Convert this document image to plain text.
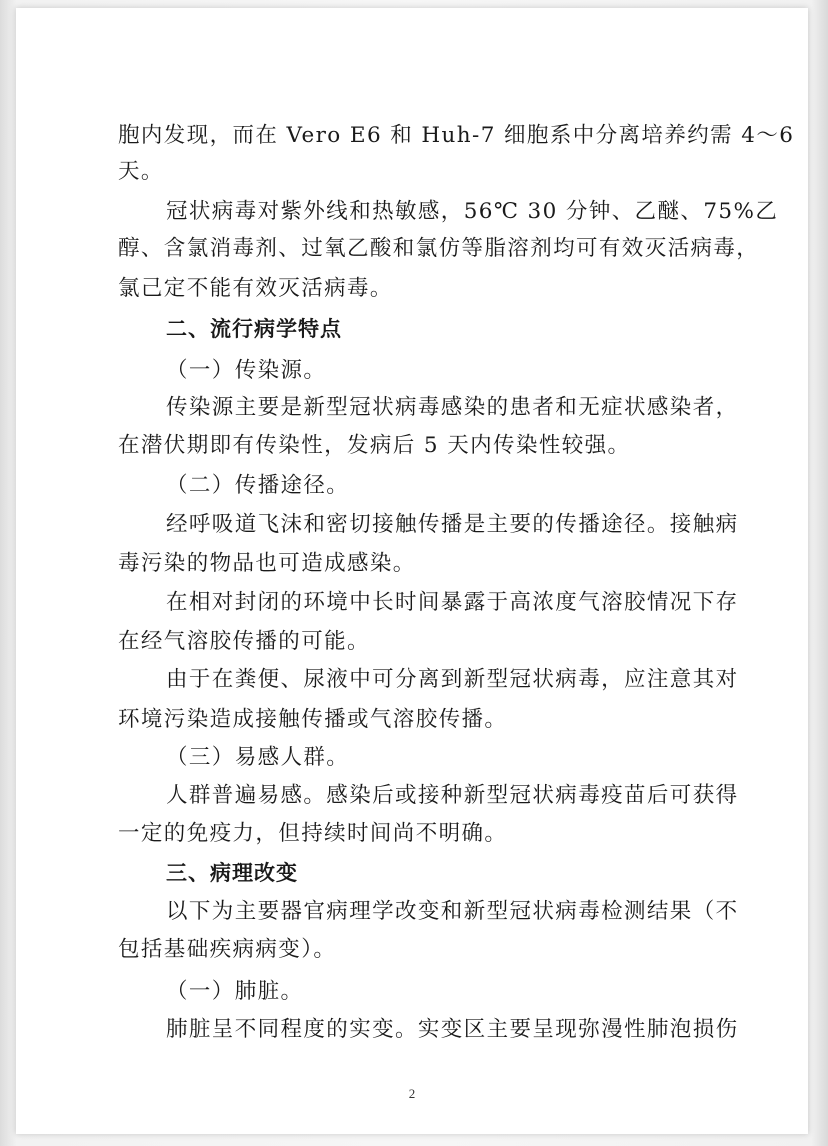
胞内发现，而在 Vero E6 和 Huh-7 细胞系中分离培养约需 4～6
天。
冠状病毒对紫外线和热敏感，56℃ 30 分钟、乙醚、75%乙
醇、含氯消毒剂、过氧乙酸和氯仿等脂溶剂均可有效灭活病毒，
氯己定不能有效灭活病毒。
二、流行病学特点
（一）传染源。
传染源主要是新型冠状病毒感染的患者和无症状感染者，
在潜伏期即有传染性，发病后 5 天内传染性较强。
（二）传播途径。
经呼吸道飞沫和密切接触传播是主要的传播途径。接触病
毒污染的物品也可造成感染。
在相对封闭的环境中长时间暴露于高浓度气溶胶情况下存
在经气溶胶传播的可能。
由于在粪便、尿液中可分离到新型冠状病毒，应注意其对
环境污染造成接触传播或气溶胶传播。
（三）易感人群。
人群普遍易感。感染后或接种新型冠状病毒疫苗后可获得
一定的免疫力，但持续时间尚不明确。
三、病理改变
以下为主要器官病理学改变和新型冠状病毒检测结果（不
包括基础疾病病变）。
（一）肺脏。
肺脏呈不同程度的实变。实变区主要呈现弥漫性肺泡损伤
2
